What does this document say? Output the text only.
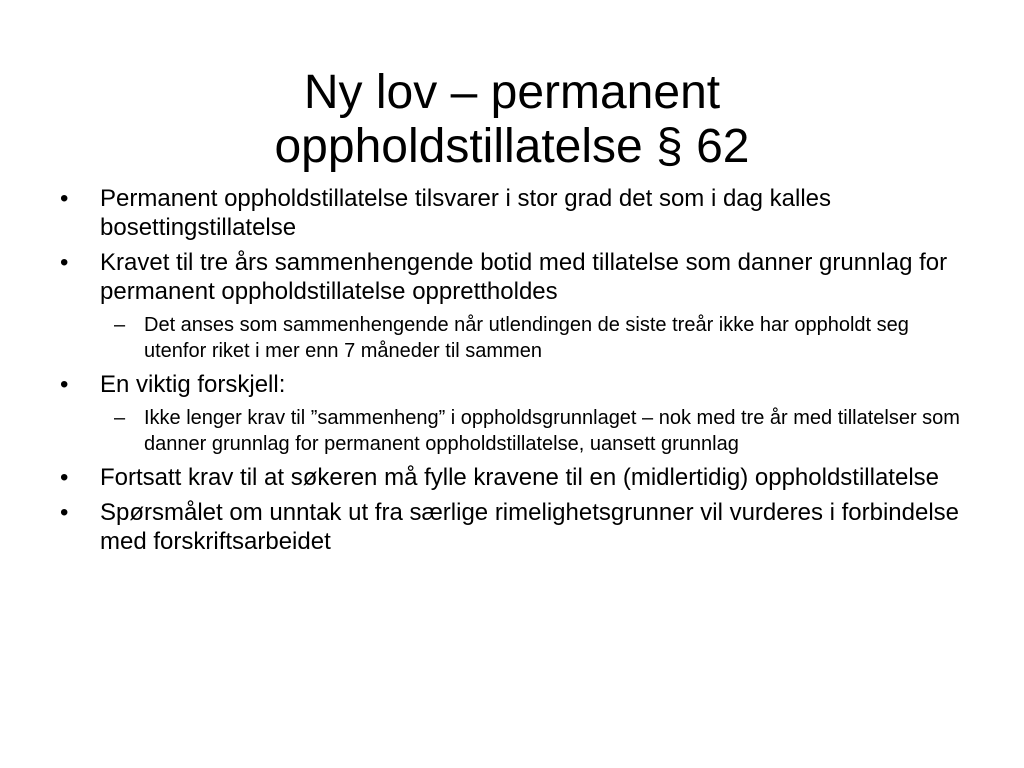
Ny lov – permanent
oppholdstillatelse § 62
• Permanent oppholdstillatelse tilsvarer i stor grad det som i dag kalles bosettingstillatelse
• Kravet til tre års sammenhengende botid med tillatelse som danner grunnlag for permanent oppholdstillatelse opprettholdes
– Det anses som sammenhengende når utlendingen de siste treår ikke har oppholdt seg utenfor riket i mer enn 7 måneder til sammen
• En viktig forskjell:
– Ikke lenger krav til ”sammenheng” i oppholdsgrunnlaget – nok med tre år med tillatelser som danner grunnlag for permanent oppholdstillatelse, uansett grunnlag
• Fortsatt krav til at søkeren må fylle kravene til en (midlertidig) oppholdstillatelse
• Spørsmålet om unntak ut fra særlige rimelighetsgrunner vil vurderes i forbindelse med forskriftsarbeidet
